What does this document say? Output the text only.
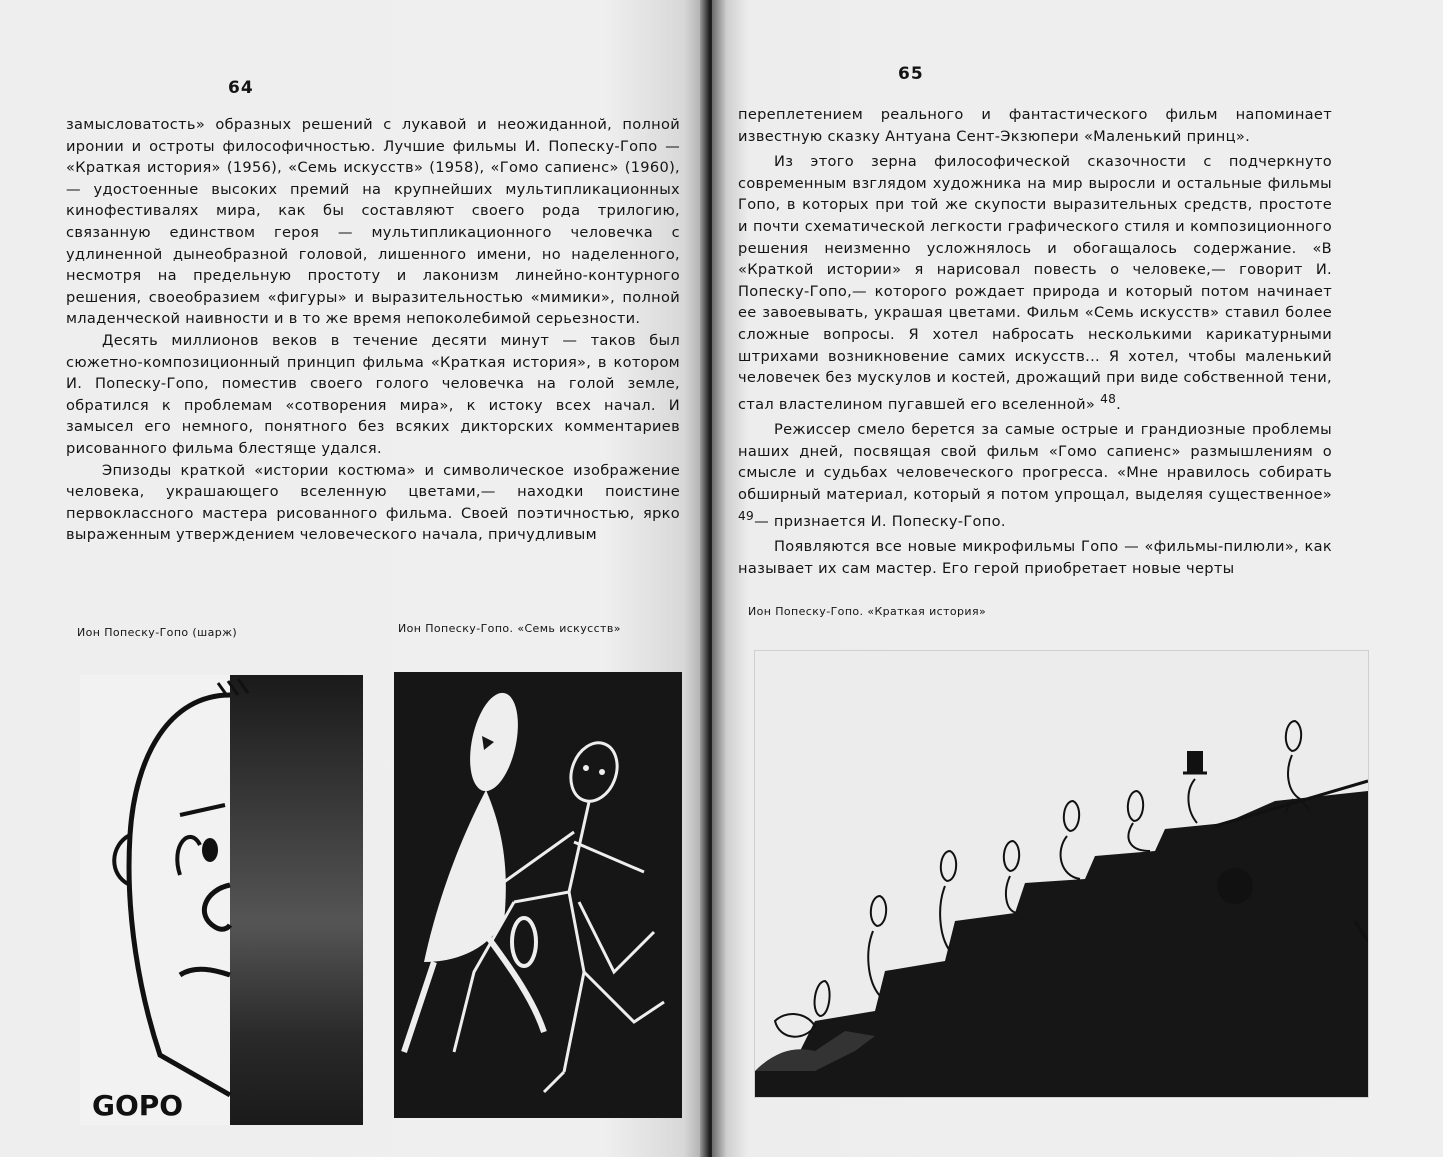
64

замысловатость» образных решений с лукавой и неожиданной, полной иронии и остроты философичностью. Лучшие фильмы И. Попеску-Гопо — «Краткая история» (1956), «Семь искусств» (1958), «Гомо сапиенс» (1960),— удостоенные высоких премий на крупнейших мультипликационных кинофестивалях мира, как бы составляют своего рода трилогию, связанную единством героя — мультипликационного человечка с удлиненной дынеобразной головой, лишенного имени, но наделенного, несмотря на предельную простоту и лаконизм линейно-контурного решения, своеобразием «фигуры» и выразительностью «мимики», полной младенческой наивности и в то же время непоколебимой серьезности.

Десять миллионов веков в течение десяти минут — таков был сюжетно-композиционный принцип фильма «Краткая история», в котором И. Попеску-Гопо, поместив своего голого человечка на голой земле, обратился к проблемам «сотворения мира», к истоку всех начал. И замысел его немного, понятного без всяких дикторских комментариев рисованного фильма блестяще удался.

Эпизоды краткой «истории костюма» и символическое изображение человека, украшающего вселенную цветами,— находки поистине первоклассного мастера рисованного фильма. Своей поэтичностью, ярко выраженным утверждением человеческого начала, причудливым

Ион Попеску-Гопо (шарж)	Ион Попеску-Гопо. «Семь искусств»
GOPO
65

переплетением реального и фантастического фильм напоминает известную сказку Антуана Сент-Экзюпери «Маленький принц».

Из этого зерна философической сказочности с подчеркнуто современным взглядом художника на мир выросли и остальные фильмы Гопо, в которых при той же скупости выразительных средств, простоте и почти схематической легкости графического стиля и композиционного решения неизменно усложнялось и обогащалось содержание. «В «Краткой истории» я нарисовал повесть о человеке,— говорит И. Попеску-Гопо,— которого рождает природа и который потом начинает ее завоевывать, украшая цветами. Фильм «Семь искусств» ставил более сложные вопросы. Я хотел набросать несколькими карикатурными штрихами возникновение самих искусств... Я хотел, чтобы маленький человечек без мускулов и костей, дрожащий при виде собственной тени, стал властелином пугавшей его вселенной» $^{48}$.

Режиссер смело берется за самые острые и грандиозные проблемы наших дней, посвящая свой фильм «Гомо сапиенс» размышлениям о смысле и судьбах человеческого прогресса. «Мне нравилось собирать обширный материал, который я потом упрощал, выделяя существенное» $^{49}$— признается И. Попеску-Гопо.

Появляются все новые микрофильмы Гопо — «фильмы-пилюли», как называет их сам мастер. Его герой приобретает новые черты

Ион Попеску-Гопо. «Краткая история»
